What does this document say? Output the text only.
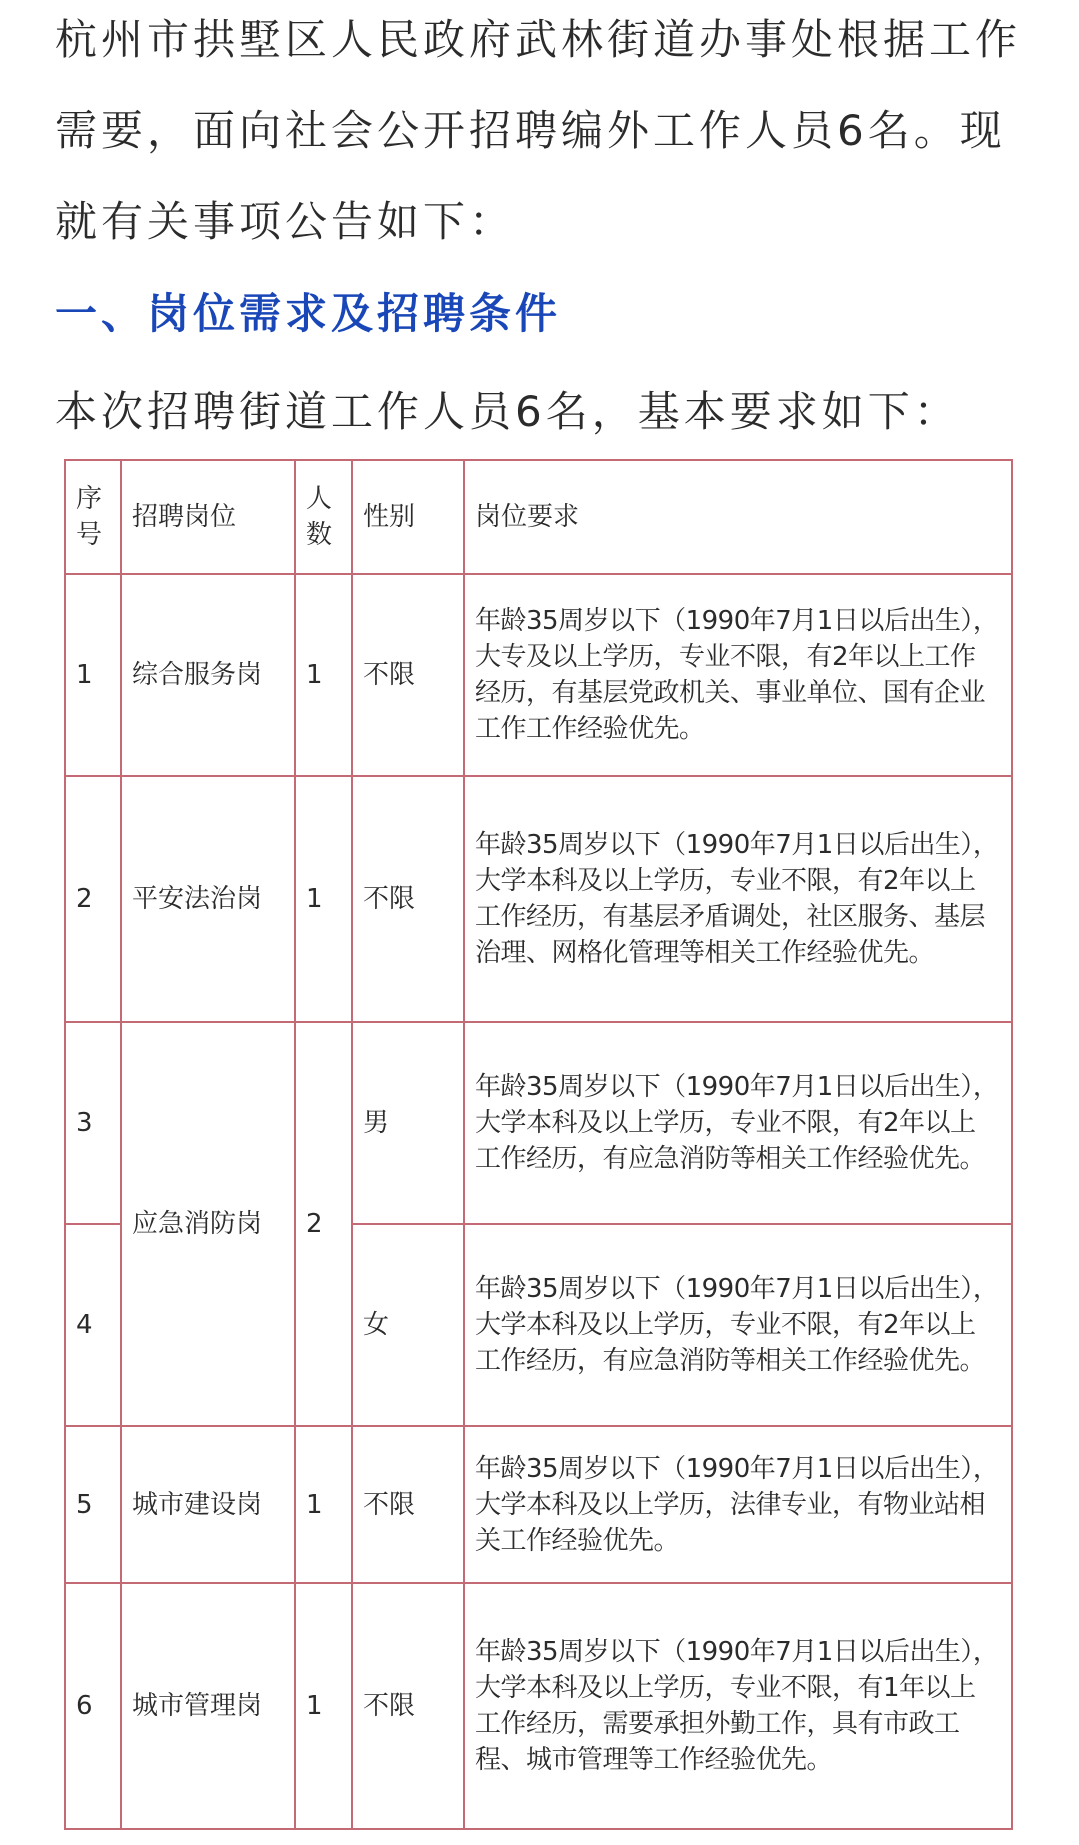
杭州市拱墅区人民政府武林街道办事处根据工作需要，面向社会公开招聘编外工作人员6名。现就有关事项公告如下：

一、岗位需求及招聘条件

本次招聘街道工作人员6名，基本要求如下：

序号	招聘岗位	人数	性别	岗位要求
1	综合服务岗	1	不限	年龄35周岁以下（1990年7月1日以后出生），大专及以上学历，专业不限，有2年以上工作经历，有基层党政机关、事业单位、国有企业工作工作经验优先。
2	平安法治岗	1	不限	年龄35周岁以下（1990年7月1日以后出生），大学本科及以上学历，专业不限，有2年以上工作经历，有基层矛盾调处，社区服务、基层治理、网格化管理等相关工作经验优先。
3	应急消防岗	2	男	年龄35周岁以下（1990年7月1日以后出生），大学本科及以上学历，专业不限，有2年以上工作经历，有应急消防等相关工作经验优先。
4			女	年龄35周岁以下（1990年7月1日以后出生），大学本科及以上学历，专业不限，有2年以上工作经历，有应急消防等相关工作经验优先。
5	城市建设岗	1	不限	年龄35周岁以下（1990年7月1日以后出生），大学本科及以上学历，法律专业，有物业站相关工作经验优先。
6	城市管理岗	1	不限	年龄35周岁以下（1990年7月1日以后出生），大学本科及以上学历，专业不限，有1年以上工作经历，需要承担外勤工作，具有市政工程、城市管理等工作经验优先。
